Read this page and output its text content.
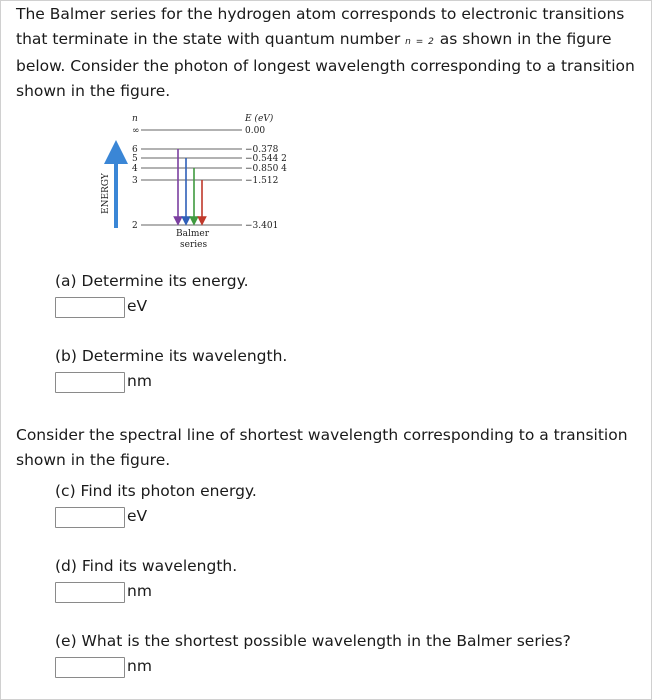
The Balmer series for the hydrogen atom corresponds to electronic transitions that terminate in the state with quantum number n = 2 as shown in the figure below. Consider the photon of longest wavelength corresponding to a transition shown in the figure.
ENERGY
n	E (eV)
∞
6
5
4
3
2
0.00
−0.378
−0.544 2
−0.850 4
−1.512
−3.401
Balmer
series
(a) Determine its energy.
eV
(b) Determine its wavelength.
nm
Consider the spectral line of shortest wavelength corresponding to a transition shown in the figure.
(c) Find its photon energy.
eV
(d) Find its wavelength.
nm
(e) What is the shortest possible wavelength in the Balmer series?
nm
